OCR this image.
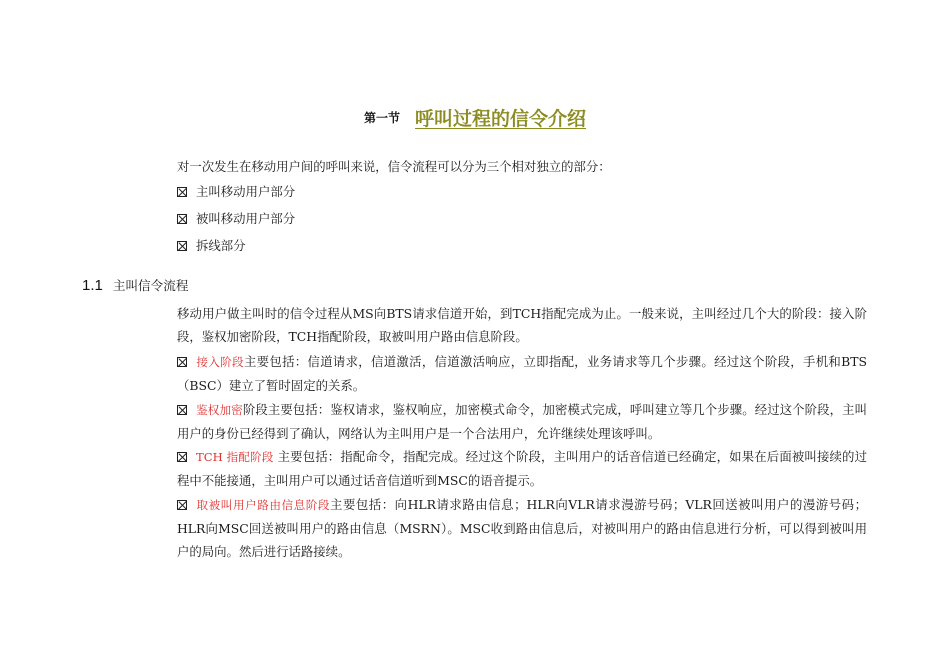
第一节 呼叫过程的信令介绍
对一次发生在移动用户间的呼叫来说，信令流程可以分为三个相对独立的部分：
主叫移动用户部分
被叫移动用户部分
拆线部分
1.1 主叫信令流程
移动用户做主叫时的信令过程从MS向BTS请求信道开始，到TCH指配完成为止。一般来说，主叫经过几个大的阶段：接入阶段，鉴权加密阶段，TCH指配阶段，取被叫用户路由信息阶段。
接入阶段主要包括：信道请求，信道激活，信道激活响应，立即指配，业务请求等几个步骤。经过这个阶段，手机和BTS（BSC）建立了暂时固定的关系。
鉴权加密阶段主要包括：鉴权请求，鉴权响应，加密模式命令，加密模式完成，呼叫建立等几个步骤。经过这个阶段，主叫用户的身份已经得到了确认，网络认为主叫用户是一个合法用户，允许继续处理该呼叫。
TCH 指配阶段 主要包括：指配命令，指配完成。经过这个阶段，主叫用户的话音信道已经确定，如果在后面被叫接续的过程中不能接通，主叫用户可以通过话音信道听到MSC的语音提示。
取被叫用户路由信息阶段主要包括：向HLR请求路由信息；HLR向VLR请求漫游号码；VLR回送被叫用户的漫游号码；HLR向MSC回送被叫用户的路由信息（MSRN）。MSC收到路由信息后，对被叫用户的路由信息进行分析，可以得到被叫用户的局向。然后进行话路接续。
